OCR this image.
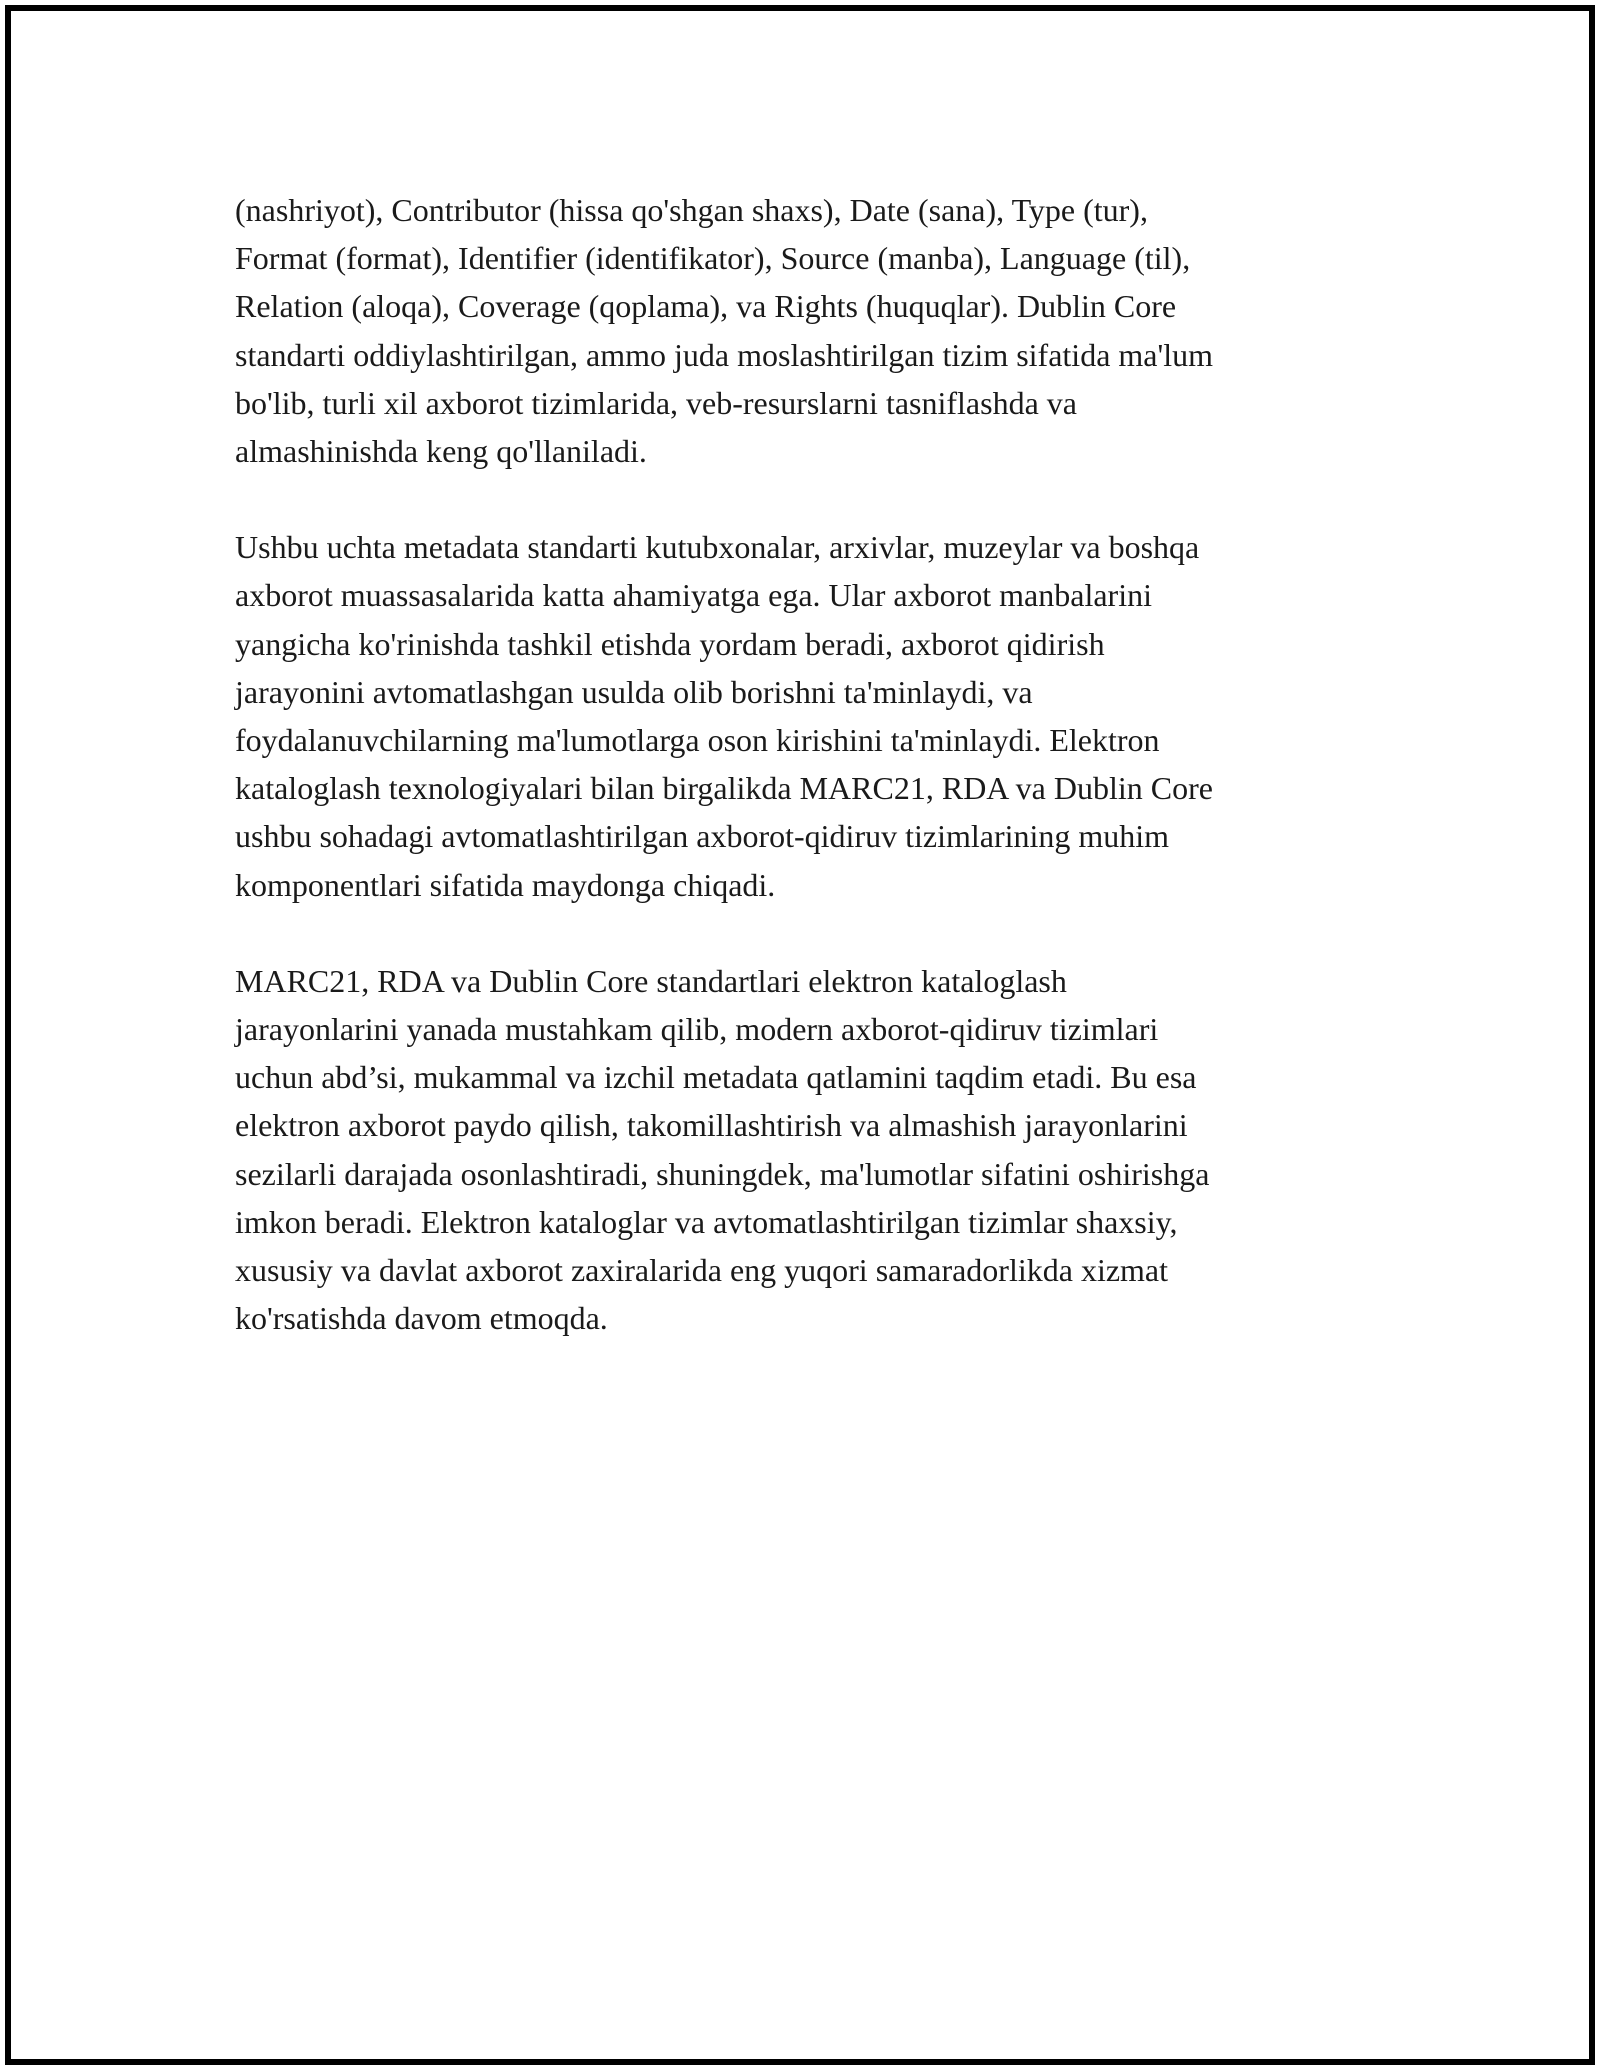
(nashriyot), Contributor (hissa qo'shgan shaxs), Date (sana), Type (tur),
Format (format), Identifier (identifikator), Source (manba), Language (til),
Relation (aloqa), Coverage (qoplama), va Rights (huquqlar). Dublin Core
standarti oddiylashtirilgan, ammo juda moslashtirilgan tizim sifatida ma'lum
bo'lib, turli xil axborot tizimlarida, veb-resurslarni tasniflashda va
almashinishda keng qo'llaniladi.

Ushbu uchta metadata standarti kutubxonalar, arxivlar, muzeylar va boshqa
axborot muassasalarida katta ahamiyatga ega. Ular axborot manbalarini
yangicha ko'rinishda tashkil etishda yordam beradi, axborot qidirish
jarayonini avtomatlashgan usulda olib borishni ta'minlaydi, va
foydalanuvchilarning ma'lumotlarga oson kirishini ta'minlaydi. Elektron
kataloglash texnologiyalari bilan birgalikda MARC21, RDA va Dublin Core
ushbu sohadagi avtomatlashtirilgan axborot-qidiruv tizimlarining muhim
komponentlari sifatida maydonga chiqadi.

MARC21, RDA va Dublin Core standartlari elektron kataloglash
jarayonlarini yanada mustahkam qilib, modern axborot-qidiruv tizimlari
uchun abd’si, mukammal va izchil metadata qatlamini taqdim etadi. Bu esa
elektron axborot paydo qilish, takomillashtirish va almashish jarayonlarini
sezilarli darajada osonlashtiradi, shuningdek, ma'lumotlar sifatini oshirishga
imkon beradi. Elektron kataloglar va avtomatlashtirilgan tizimlar shaxsiy,
xususiy va davlat axborot zaxiralarida eng yuqori samaradorlikda xizmat
ko'rsatishda davom etmoqda.
